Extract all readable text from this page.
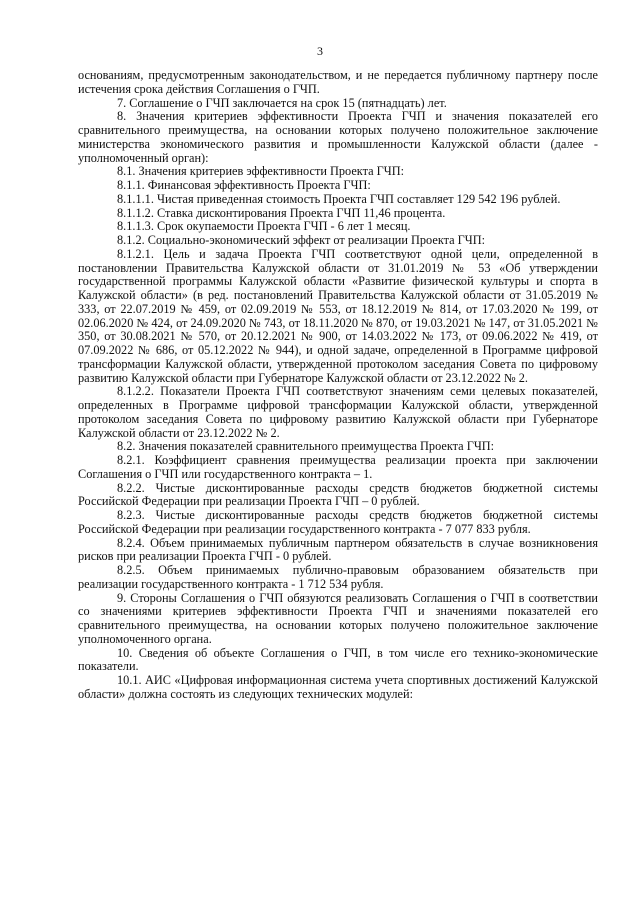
3

основаниям, предусмотренным законодательством, и не передается публичному партнеру после истечения срока действия Соглашения о ГЧП.

7. Соглашение о ГЧП заключается на срок 15 (пятнадцать) лет.

8. Значения критериев эффективности Проекта ГЧП и значения показателей его сравнительного преимущества, на основании которых получено положительное заключение министерства экономического развития и промышленности Калужской области (далее - уполномоченный орган):

8.1. Значения критериев эффективности Проекта ГЧП:

8.1.1. Финансовая эффективность Проекта ГЧП:

8.1.1.1. Чистая приведенная стоимость Проекта ГЧП составляет 129 542 196 рублей.

8.1.1.2. Ставка дисконтирования Проекта ГЧП 11,46 процента.

8.1.1.3. Срок окупаемости Проекта ГЧП - 6 лет 1 месяц.

8.1.2. Социально-экономический эффект от реализации Проекта ГЧП:

8.1.2.1. Цель и задача Проекта ГЧП соответствуют одной цели, определенной в постановлении Правительства Калужской области от 31.01.2019 № 53 «Об утверждении государственной программы Калужской области «Развитие физической культуры и спорта в Калужской области» (в ред. постановлений Правительства Калужской области от 31.05.2019 № 333, от 22.07.2019 № 459, от 02.09.2019 № 553, от 18.12.2019 № 814, от 17.03.2020 № 199, от 02.06.2020 № 424, от 24.09.2020 № 743, от 18.11.2020 № 870, от 19.03.2021 № 147, от 31.05.2021 № 350, от 30.08.2021 № 570, от 20.12.2021 № 900, от 14.03.2022 № 173, от 09.06.2022 № 419, от 07.09.2022 № 686, от 05.12.2022 № 944), и одной задаче, определенной в Программе цифровой трансформации Калужской области, утвержденной протоколом заседания Совета по цифровому развитию Калужской области при Губернаторе Калужской области от 23.12.2022 № 2.

8.1.2.2. Показатели Проекта ГЧП соответствуют значениям семи целевых показателей, определенных в Программе цифровой трансформации Калужской области, утвержденной протоколом заседания Совета по цифровому развитию Калужской области при Губернаторе Калужской области от 23.12.2022 № 2.

8.2. Значения показателей сравнительного преимущества Проекта ГЧП:

8.2.1. Коэффициент сравнения преимущества реализации проекта при заключении Соглашения о ГЧП или государственного контракта – 1.

8.2.2. Чистые дисконтированные расходы средств бюджетов бюджетной системы Российской Федерации при реализации Проекта ГЧП – 0 рублей.

8.2.3. Чистые дисконтированные расходы средств бюджетов бюджетной системы Российской Федерации при реализации государственного контракта - 7 077 833 рубля.

8.2.4. Объем принимаемых публичным партнером обязательств в случае возникновения рисков при реализации Проекта ГЧП - 0 рублей.

8.2.5. Объем принимаемых публично-правовым образованием обязательств при реализации государственного контракта - 1 712 534 рубля.

9. Стороны Соглашения о ГЧП обязуются реализовать Соглашения о ГЧП в соответствии со значениями критериев эффективности Проекта ГЧП и значениями показателей его сравнительного преимущества, на основании которых получено положительное заключение уполномоченного органа.

10. Сведения об объекте Соглашения о ГЧП, в том числе его технико-экономические показатели.

10.1. АИС «Цифровая информационная система учета спортивных достижений Калужской области» должна состоять из следующих технических модулей:
